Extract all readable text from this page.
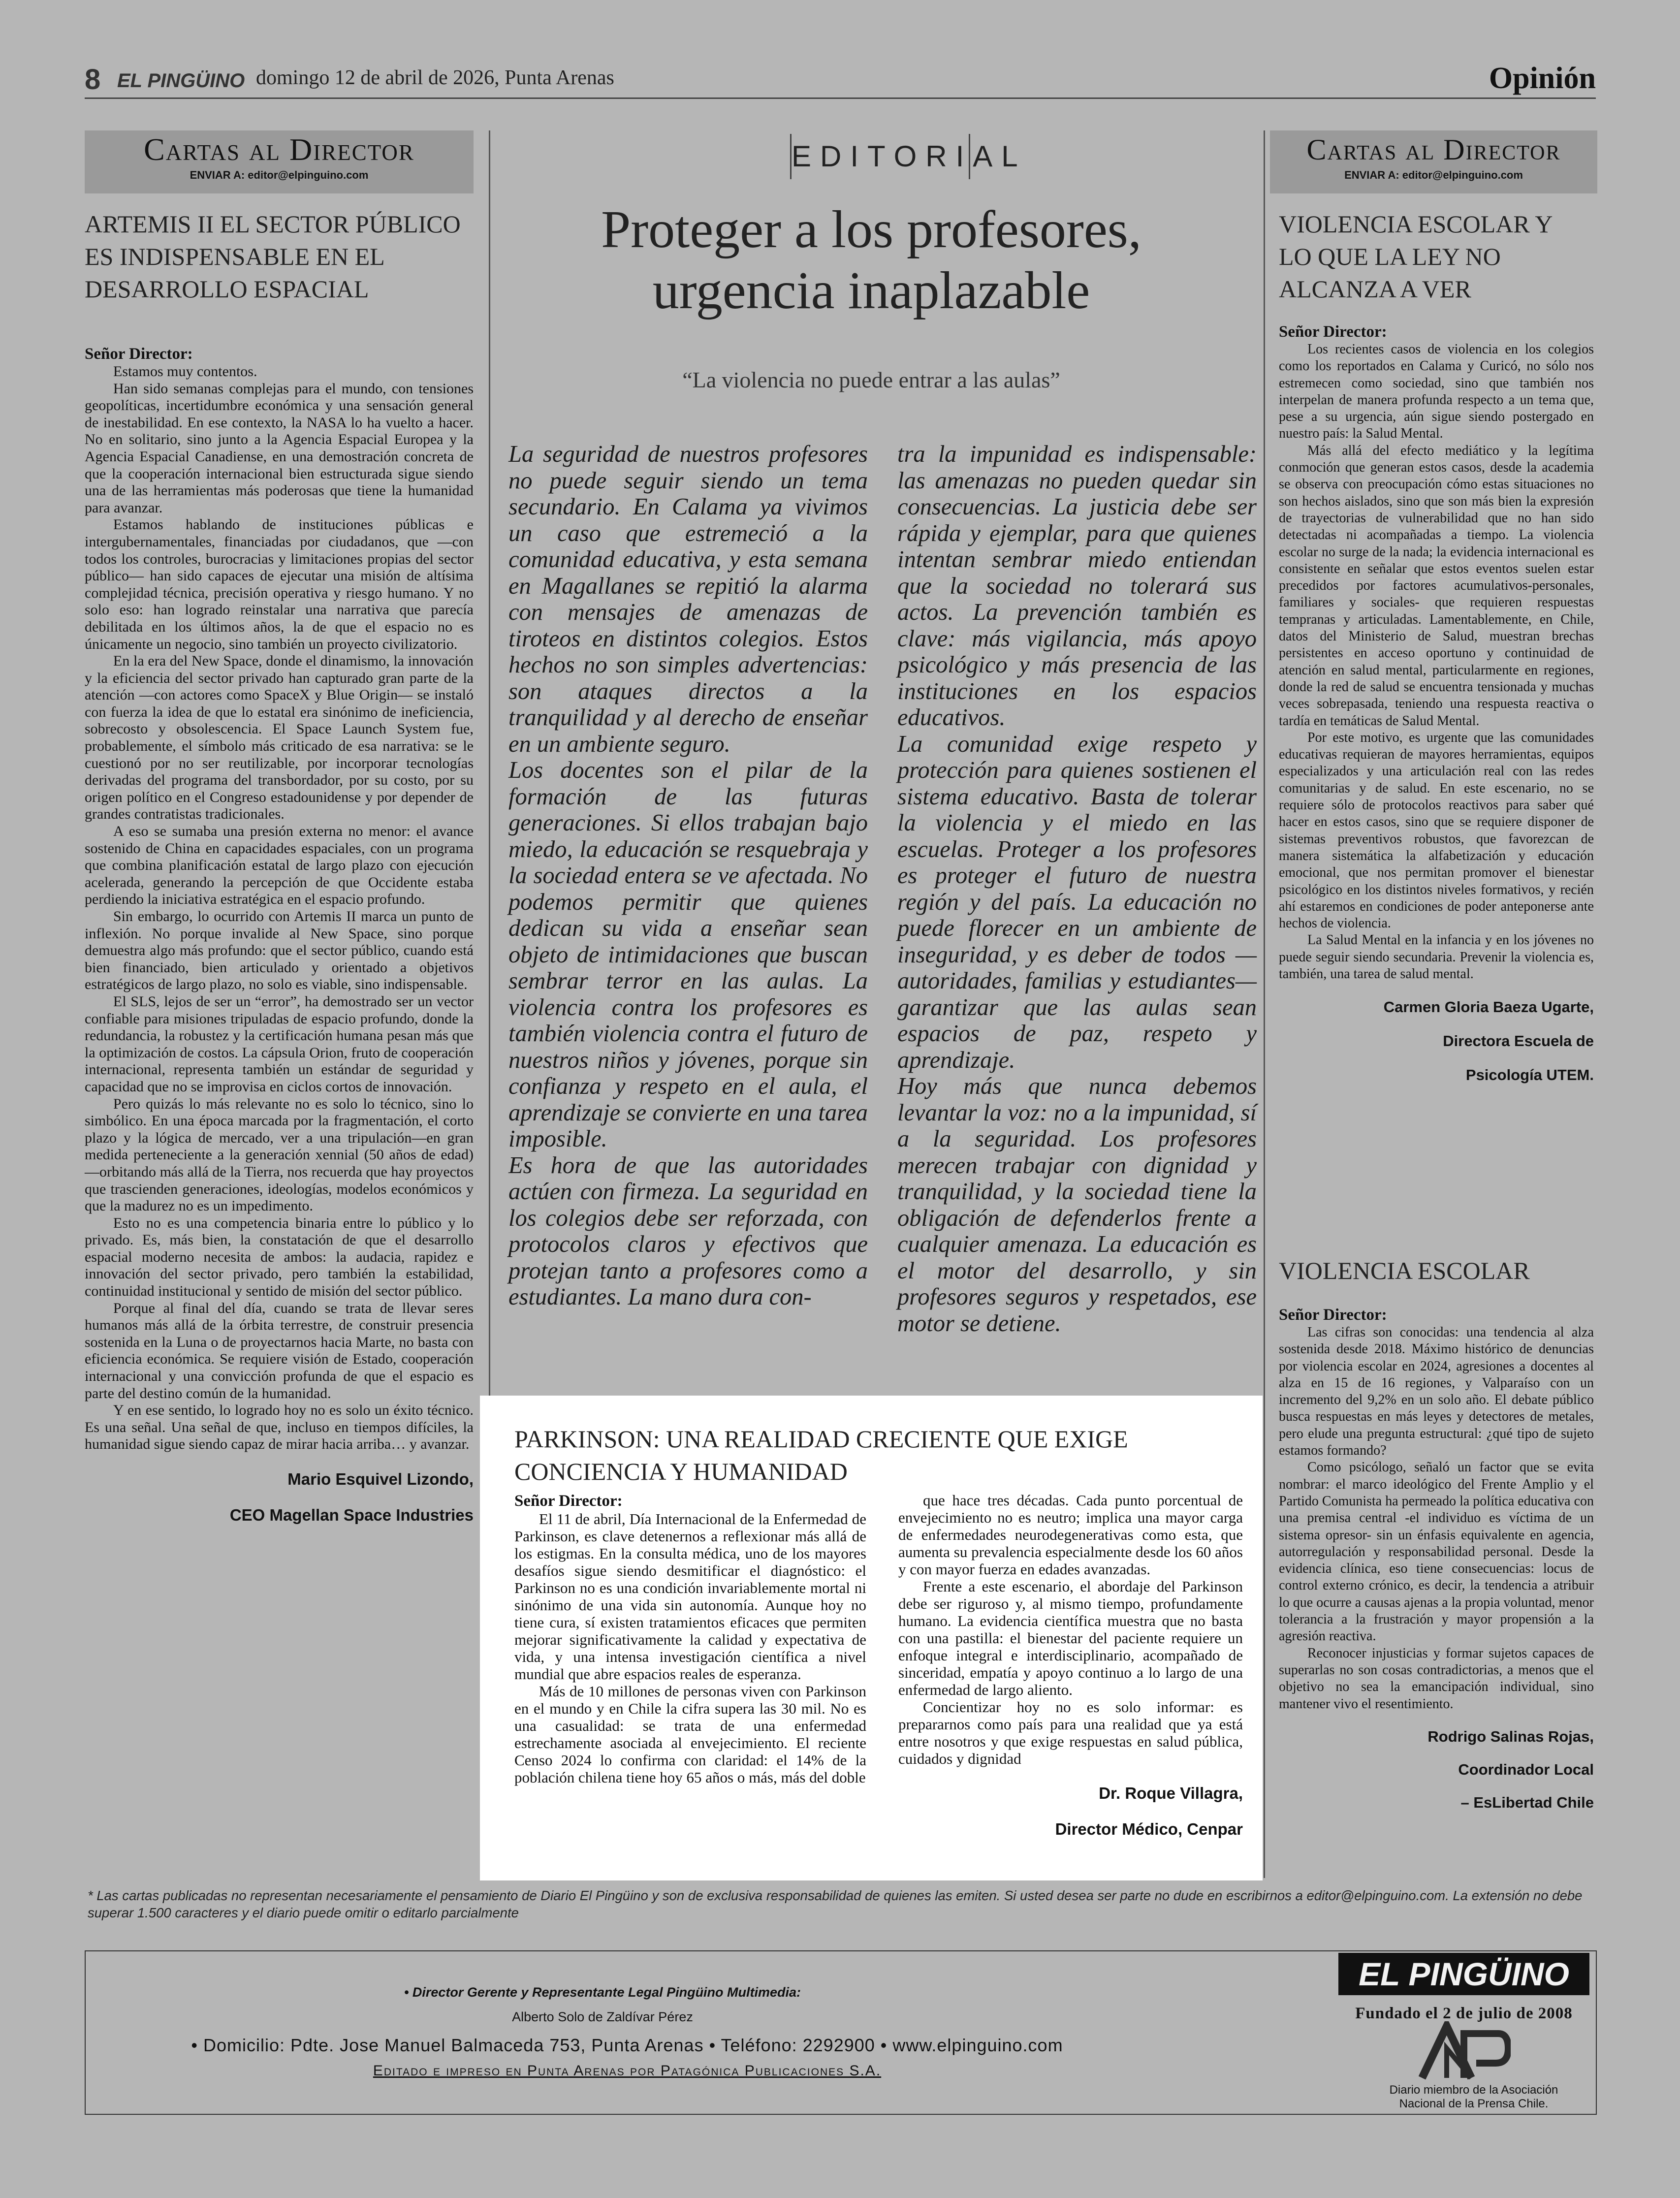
8 EL PINGÜINO domingo 12 de abril de 2026, Punta Arenas	Opinión
Cartas al Director
ENVIAR A: editor@elpinguino.com
ARTEMIS II EL SECTOR PÚBLICO ES INDISPENSABLE EN EL DESARROLLO ESPACIAL
Señor Director:

Estamos muy contentos.

Han sido semanas complejas para el mundo, con tensiones geopolíticas, incertidumbre económica y una sensación general de inestabilidad. En ese contexto, la NASA lo ha vuelto a hacer. No en solitario, sino junto a la Agencia Espacial Europea y la Agencia Espacial Canadiense, en una demostración concreta de que la cooperación internacional bien estructurada sigue siendo una de las herramientas más poderosas que tiene la humanidad para avanzar.

Estamos hablando de instituciones públicas e intergubernamentales, financiadas por ciudadanos, que —con todos los controles, burocracias y limitaciones propias del sector público— han sido capaces de ejecutar una misión de altísima complejidad técnica, precisión operativa y riesgo humano. Y no solo eso: han logrado reinstalar una narrativa que parecía debilitada en los últimos años, la de que el espacio no es únicamente un negocio, sino también un proyecto civilizatorio.

En la era del New Space, donde el dinamismo, la innovación y la eficiencia del sector privado han capturado gran parte de la atención —con actores como SpaceX y Blue Origin— se instaló con fuerza la idea de que lo estatal era sinónimo de ineficiencia, sobrecosto y obsolescencia. El Space Launch System fue, probablemente, el símbolo más criticado de esa narrativa: se le cuestionó por no ser reutilizable, por incorporar tecnologías derivadas del programa del transbordador, por su costo, por su origen político en el Congreso estadounidense y por depender de grandes contratistas tradicionales.

A eso se sumaba una presión externa no menor: el avance sostenido de China en capacidades espaciales, con un programa que combina planificación estatal de largo plazo con ejecución acelerada, generando la percepción de que Occidente estaba perdiendo la iniciativa estratégica en el espacio profundo.

Sin embargo, lo ocurrido con Artemis II marca un punto de inflexión. No porque invalide al New Space, sino porque demuestra algo más profundo: que el sector público, cuando está bien financiado, bien articulado y orientado a objetivos estratégicos de largo plazo, no solo es viable, sino indispensable.

El SLS, lejos de ser un “error”, ha demostrado ser un vector confiable para misiones tripuladas de espacio profundo, donde la redundancia, la robustez y la certificación humana pesan más que la optimización de costos. La cápsula Orion, fruto de cooperación internacional, representa también un estándar de seguridad y capacidad que no se improvisa en ciclos cortos de innovación.

Pero quizás lo más relevante no es solo lo técnico, sino lo simbólico. En una época marcada por la fragmentación, el corto plazo y la lógica de mercado, ver a una tripulación—en gran medida perteneciente a la generación xennial (50 años de edad)—orbitando más allá de la Tierra, nos recuerda que hay proyectos que trascienden generaciones, ideologías, modelos económicos y que la madurez no es un impedimento.

Esto no es una competencia binaria entre lo público y lo privado. Es, más bien, la constatación de que el desarrollo espacial moderno necesita de ambos: la audacia, rapidez e innovación del sector privado, pero también la estabilidad, continuidad institucional y sentido de misión del sector público.

Porque al final del día, cuando se trata de llevar seres humanos más allá de la órbita terrestre, de construir presencia sostenida en la Luna o de proyectarnos hacia Marte, no basta con eficiencia económica. Se requiere visión de Estado, cooperación internacional y una convicción profunda de que el espacio es parte del destino común de la humanidad.

Y en ese sentido, lo logrado hoy no es solo un éxito técnico. Es una señal. Una señal de que, incluso en tiempos difíciles, la humanidad sigue siendo capaz de mirar hacia arriba… y avanzar.

Mario Esquivel Lizondo,

CEO Magellan Space Industries

EDITORIAL
Proteger a los profesores,
urgencia inaplazable
“La violencia no puede entrar a las aulas”

La seguridad de nuestros profesores no puede seguir siendo un tema secundario. En Calama ya vivimos un caso que estremeció a la comunidad educativa, y esta semana en Magallanes se repitió la alarma con mensajes de amenazas de tiroteos en distintos colegios. Estos hechos no son simples advertencias: son ataques directos a la tranquilidad y al derecho de enseñar en un ambiente seguro.

Los docentes son el pilar de la formación de las futuras generaciones. Si ellos trabajan bajo miedo, la educación se resquebraja y la sociedad entera se ve afectada. No podemos permitir que quienes dedican su vida a enseñar sean objeto de intimidaciones que buscan sembrar terror en las aulas. La violencia contra los profesores es también violencia contra el futuro de nuestros niños y jóvenes, porque sin confianza y respeto en el aula, el aprendizaje se convierte en una tarea imposible.

Es hora de que las autoridades actúen con firmeza. La seguridad en los colegios debe ser reforzada, con protocolos claros y efectivos que protejan tanto a profesores como a estudiantes. La mano dura con-

tra la impunidad es indispensable: las amenazas no pueden quedar sin consecuencias. La justicia debe ser rápida y ejemplar, para que quienes intentan sembrar miedo entiendan que la sociedad no tolerará sus actos. La prevención también es clave: más vigilancia, más apoyo psicológico y más presencia de las instituciones en los espacios educativos.

La comunidad exige respeto y protección para quienes sostienen el sistema educativo. Basta de tolerar la violencia y el miedo en las escuelas. Proteger a los profesores es proteger el futuro de nuestra región y del país. La educación no puede florecer en un ambiente de inseguridad, y es deber de todos —autoridades, familias y estudiantes— garantizar que las aulas sean espacios de paz, respeto y aprendizaje.

Hoy más que nunca debemos levantar la voz: no a la impunidad, sí a la seguridad. Los profesores merecen trabajar con dignidad y tranquilidad, y la sociedad tiene la obligación de defenderlos frente a cualquier amenaza. La educación es el motor del desarrollo, y sin profesores seguros y respetados, ese motor se detiene.

PARKINSON: UNA REALIDAD CRECIENTE QUE EXIGE CONCIENCIA Y HUMANIDAD
Señor Director:

El 11 de abril, Día Internacional de la Enfermedad de Parkinson, es clave detenernos a reflexionar más allá de los estigmas. En la consulta médica, uno de los mayores desafíos sigue siendo desmitificar el diagnóstico: el Parkinson no es una condición invariablemente mortal ni sinónimo de una vida sin autonomía. Aunque hoy no tiene cura, sí existen tratamientos eficaces que permiten mejorar significativamente la calidad y expectativa de vida, y una intensa investigación científica a nivel mundial que abre espacios reales de esperanza.

Más de 10 millones de personas viven con Parkinson en el mundo y en Chile la cifra supera las 30 mil. No es una casualidad: se trata de una enfermedad estrechamente asociada al envejecimiento. El reciente Censo 2024 lo confirma con claridad: el 14% de la población chilena tiene hoy 65 años o más, más del doble

que hace tres décadas. Cada punto porcentual de envejecimiento no es neutro; implica una mayor carga de enfermedades neurodegenerativas como esta, que aumenta su prevalencia especialmente desde los 60 años y con mayor fuerza en edades avanzadas.

Frente a este escenario, el abordaje del Parkinson debe ser riguroso y, al mismo tiempo, profundamente humano. La evidencia científica muestra que no basta con una pastilla: el bienestar del paciente requiere un enfoque integral e interdisciplinario, acompañado de sinceridad, empatía y apoyo continuo a lo largo de una enfermedad de largo aliento.

Concientizar hoy no es solo informar: es prepararnos como país para una realidad que ya está entre nosotros y que exige respuestas en salud pública, cuidados y dignidad

Dr. Roque Villagra,

Director Médico, Cenpar

Cartas al Director
ENVIAR A: editor@elpinguino.com
VIOLENCIA ESCOLAR Y LO QUE LA LEY NO ALCANZA A VER
Señor Director:

Los recientes casos de violencia en los colegios como los reportados en Calama y Curicó, no sólo nos estremecen como sociedad, sino que también nos interpelan de manera profunda respecto a un tema que, pese a su urgencia, aún sigue siendo postergado en nuestro país: la Salud Mental.

Más allá del efecto mediático y la legítima conmoción que generan estos casos, desde la academia se observa con preocupación cómo estas situaciones no son hechos aislados, sino que son más bien la expresión de trayectorias de vulnerabilidad que no han sido detectadas ni acompañadas a tiempo. La violencia escolar no surge de la nada; la evidencia internacional es consistente en señalar que estos eventos suelen estar precedidos por factores acumulativos-personales, familiares y sociales- que requieren respuestas tempranas y articuladas. Lamentablemente, en Chile, datos del Ministerio de Salud, muestran brechas persistentes en acceso oportuno y continuidad de atención en salud mental, particularmente en regiones, donde la red de salud se encuentra tensionada y muchas veces sobrepasada, teniendo una respuesta reactiva o tardía en temáticas de Salud Mental.

Por este motivo, es urgente que las comunidades educativas requieran de mayores herramientas, equipos especializados y una articulación real con las redes comunitarias y de salud. En este escenario, no se requiere sólo de protocolos reactivos para saber qué hacer en estos casos, sino que se requiere disponer de sistemas preventivos robustos, que favorezcan de manera sistemática la alfabetización y educación emocional, que nos permitan promover el bienestar psicológico en los distintos niveles formativos, y recién ahí estaremos en condiciones de poder anteponerse ante hechos de violencia.

La Salud Mental en la infancia y en los jóvenes no puede seguir siendo secundaria. Prevenir la violencia es, también, una tarea de salud mental.

Carmen Gloria Baeza Ugarte,

Directora Escuela de

Psicología UTEM.

VIOLENCIA ESCOLAR
Señor Director:

Las cifras son conocidas: una tendencia al alza sostenida desde 2018. Máximo histórico de denuncias por violencia escolar en 2024, agresiones a docentes al alza en 15 de 16 regiones, y Valparaíso con un incremento del 9,2% en un solo año. El debate público busca respuestas en más leyes y detectores de metales, pero elude una pregunta estructural: ¿qué tipo de sujeto estamos formando?

Como psicólogo, señaló un factor que se evita nombrar: el marco ideológico del Frente Amplio y el Partido Comunista ha permeado la política educativa con una premisa central -el individuo es víctima de un sistema opresor- sin un énfasis equivalente en agencia, autorregulación y responsabilidad personal. Desde la evidencia clínica, eso tiene consecuencias: locus de control externo crónico, es decir, la tendencia a atribuir lo que ocurre a causas ajenas a la propia voluntad, menor tolerancia a la frustración y mayor propensión a la agresión reactiva.

Reconocer injusticias y formar sujetos capaces de superarlas no son cosas contradictorias, a menos que el objetivo no sea la emancipación individual, sino mantener vivo el resentimiento.

Rodrigo Salinas Rojas,

Coordinador Local

– EsLibertad Chile

* Las cartas publicadas no representan necesariamente el pensamiento de Diario El Pingüino y son de exclusiva responsabilidad de quienes las emiten. Si usted desea ser parte no dude en escribirnos a editor@elpinguino.com. La extensión no debe superar 1.500 caracteres y el diario puede omitir o editarlo parcialmente
• Director Gerente y Representante Legal Pingüino Multimedia:
Alberto Solo de Zaldívar Pérez
• Domicilio: Pdte. Jose Manuel Balmaceda 753, Punta Arenas • Teléfono: 2292900 • www.elpinguino.com
Editado e impreso en Punta Arenas por Patagónica Publicaciones S.A.
EL PINGÜINO
Fundado el 2 de julio de 2008
Diario miembro de la Asociación
Nacional de la Prensa Chile.
